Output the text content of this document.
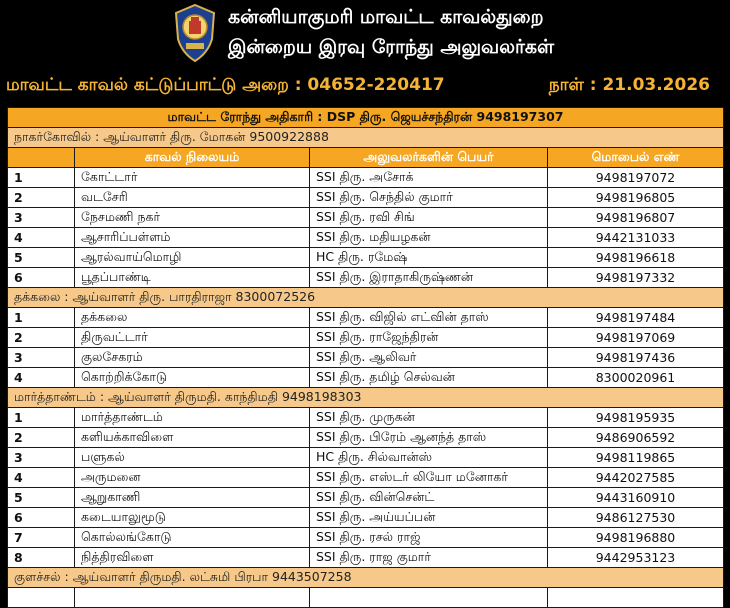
கன்னியாகுமரி மாவட்ட காவல்துறை
இன்றைய இரவு ரோந்து அலுவலர்கள்
மாவட்ட காவல் கட்டுப்பாட்டு அறை : 04652-220417	நாள் : 21.03.2026
மாவட்ட ரோந்து அதிகாரி : DSP திரு. ஜெயச்சந்திரன் 9498197307			
நாகர்கோவில் : ஆய்வாளர் திரு. மோகன் 9500922888			
	காவல் நிலையம்	அலுவலர்களின் பெயர்	மொபைல் எண்
1	கோட்டார்	SSI திரு. அசோக்	9498197072
2	வடசேரி	SSI திரு. செந்தில் குமார்	9498196805
3	நேசமணி நகர்	SSI திரு. ரவி சிங்	9498196807
4	ஆசாரிப்பள்ளம்	SSI திரு. மதியழகன்	9442131033
5	ஆரல்வாய்மொழி	HC திரு. ரமேஷ்	9498196618
6	பூதப்பாண்டி	SSI திரு. இராதாகிருஷ்ணன்	9498197332
தக்கலை : ஆய்வாளர் திரு. பாரதிராஜா 8300072526			
1	தக்கலை	SSI திரு. விஜில் எட்வின் தாஸ்	9498197484
2	திருவட்டார்	SSI திரு. ராஜேந்திரன்	9498197069
3	குலசேகரம்	SSI திரு. ஆலிவர்	9498197436
4	கொற்றிக்கோடு	SSI திரு. தமிழ் செல்வன்	8300020961
மார்த்தாண்டம் : ஆய்வாளர் திருமதி. காந்திமதி 9498198303			
1	மார்த்தாண்டம்	SSI திரு. முருகன்	9498195935
2	களியக்காவிளை	SSI திரு. பிரேம் ஆனந்த் தாஸ்	9486906592
3	பளுகல்	HC திரு. சில்வான்ஸ்	9498119865
4	அருமனை	SSI திரு. எஸ்டர் லியோ மனோகர்	9442027585
5	ஆறுகாணி	SSI திரு. வின்சென்ட்	9443160910
6	கடையாலுமூடு	SSI திரு. அய்யப்பன்	9486127530
7	கொல்லங்கோடு	SSI திரு. ரசல் ராஜ்	9498196880
8	நித்திரவிளை	SSI திரு. ராஜ குமார்	9442953123
குளச்சல் : ஆய்வாளர் திருமதி. லட்சுமி பிரபா 9443507258			
